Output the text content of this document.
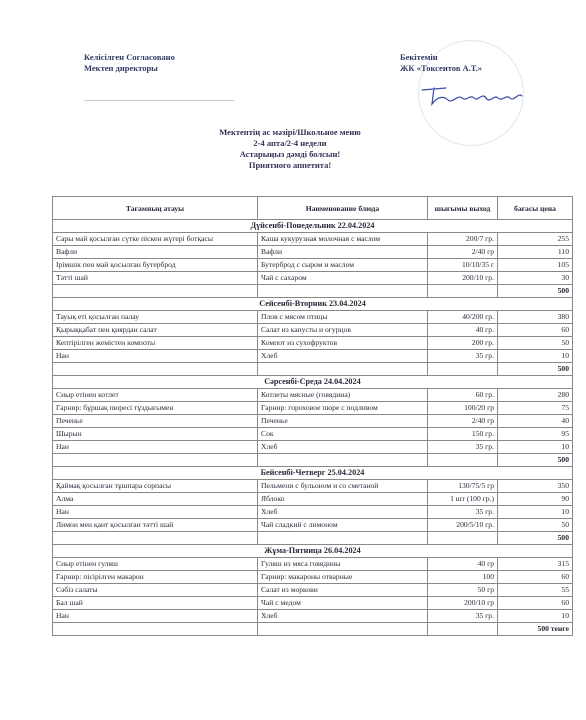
Келісілген Согласовано
Мектеп директоры
Бекітемін
ЖК «Токсеитов А.Т.»
Мектептің ас мәзірі/Школьное меню
2-4 апта/2-4 недели
Астарыңыз дәмді болсын!
Приятного аппетита!
Тағамның атауы	Наименование блюда	шығымы выход	бағасы цена
Дүйсенбі-Понедельник 22.04.2024			
Сары май қосылған сүтке піскен жүгері ботқасы	Каша кукурузная молочная с маслом	200/7 гр.	255
Вафли	Вафли	2/40 гр	110
Ірімшік пен май қосылған бутерброд	Бутерброд с сыром и маслом	10/10/35 г	105
Тәтті шай	Чай с сахаром	200/10 гр.	30
			500
Сейсенбі-Вторник 23.04.2024			
Тауық еті қосылған палау	Плов с мясом птицы	40/200 гр.	380
Қырыққабат пен қиярдан салат	Салат из капусты и огурцов	40 гр.	60
Кептірілген жемістен компоты	Компот из сухофруктов	200 гр.	50
Нан	Хлеб	35 гр.	10
			500
Сәрсенбі-Среда 24.04.2024			
Сиыр етінен котлет	Котлеты мясные (говядина)	60 гр.	280
Гарнир: бұршақ пюресі тұздығымен	Гарнир: гороховое пюре с подливом	100/20 гр	75
Печенье	Печенье	2/40 гр	40
Шырын	Сок	150 гр.	95
Нан	Хлеб	35 гр.	10
			500
Бейсенбі-Четверг 25.04.2024			
Қаймақ қосылған тұшпара сорпасы	Пельмени с бульоном и со сметаной	130/75/5 гр	350
Алма	Яблоко	1 шт (100 гр.)	90
Нан	Хлеб	35 гр.	10
Лимон мен қант қосылған тәтті шай	Чай сладкий с лимоном	200/5/10 гр.	50
			500
Жұма-Пятница 26.04.2024			
Сиыр етінен гуляш	Гуляш из мяса говядины	40 гр	315
Гарнир: пісірілген макарон	Гарнир: макароны отварные	100	60
Сәбіз салаты	Салат из моркови	50 гр	55
Бал шай	Чай с медом	200/10 гр	60
Нан	Хлеб	35 гр.	10
			500 тенге
